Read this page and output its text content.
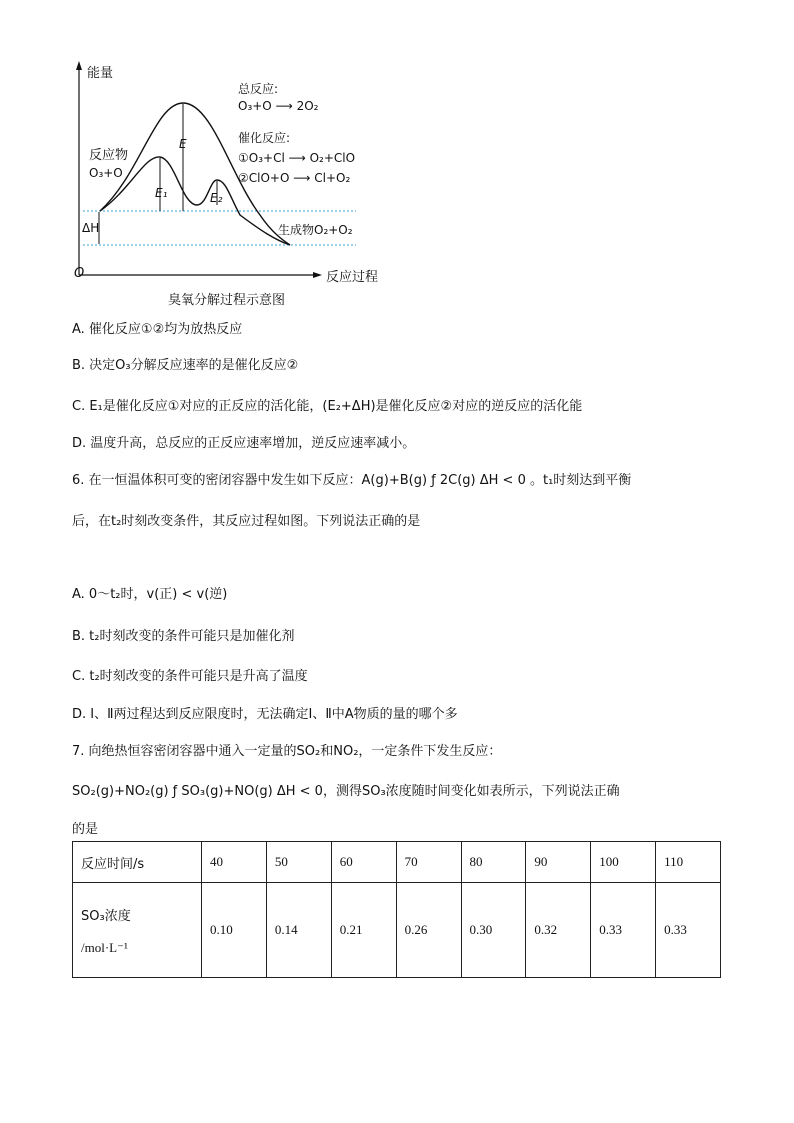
能量
O	反应过程
反应物
O₃+O
E
E₁	E₂
ΔH	生成物O₂+O₂
总反应:
O₃+O ⟶ 2O₂
催化反应:
①O₃+Cl ⟶ O₂+ClO
②ClO+O ⟶ Cl+O₂
臭氧分解过程示意图
A. 催化反应①②均为放热反应
B. 决定O₃分解反应速率的是催化反应②
C. E₁是催化反应①对应的正反应的活化能，(E₂+ΔH)是催化反应②对应的逆反应的活化能
D. 温度升高，总反应的正反应速率增加，逆反应速率减小。
6. 在一恒温体积可变的密闭容器中发生如下反应：A(g)+B(g) ƒ 2C(g) ΔH < 0 。t₁时刻达到平衡
后，在t₂时刻改变条件，其反应过程如图。下列说法正确的是
A. 0～t₂时，v(正) < v(逆)
B. t₂时刻改变的条件可能只是加催化剂
C. t₂时刻改变的条件可能只是升高了温度
D. Ⅰ、Ⅱ两过程达到反应限度时，无法确定Ⅰ、Ⅱ中A物质的量的哪个多
7. 向绝热恒容密闭容器中通入一定量的SO₂和NO₂，一定条件下发生反应：
SO₂(g)+NO₂(g) ƒ SO₃(g)+NO(g) ΔH < 0，测得SO₃浓度随时间变化如表所示，下列说法正确
的是
反应时间/s	40	50	60	70	80	90	100	110

SO₃浓度
/mol·L⁻¹	0.10	0.14	0.21	0.26	0.30	0.32	0.33	0.33
